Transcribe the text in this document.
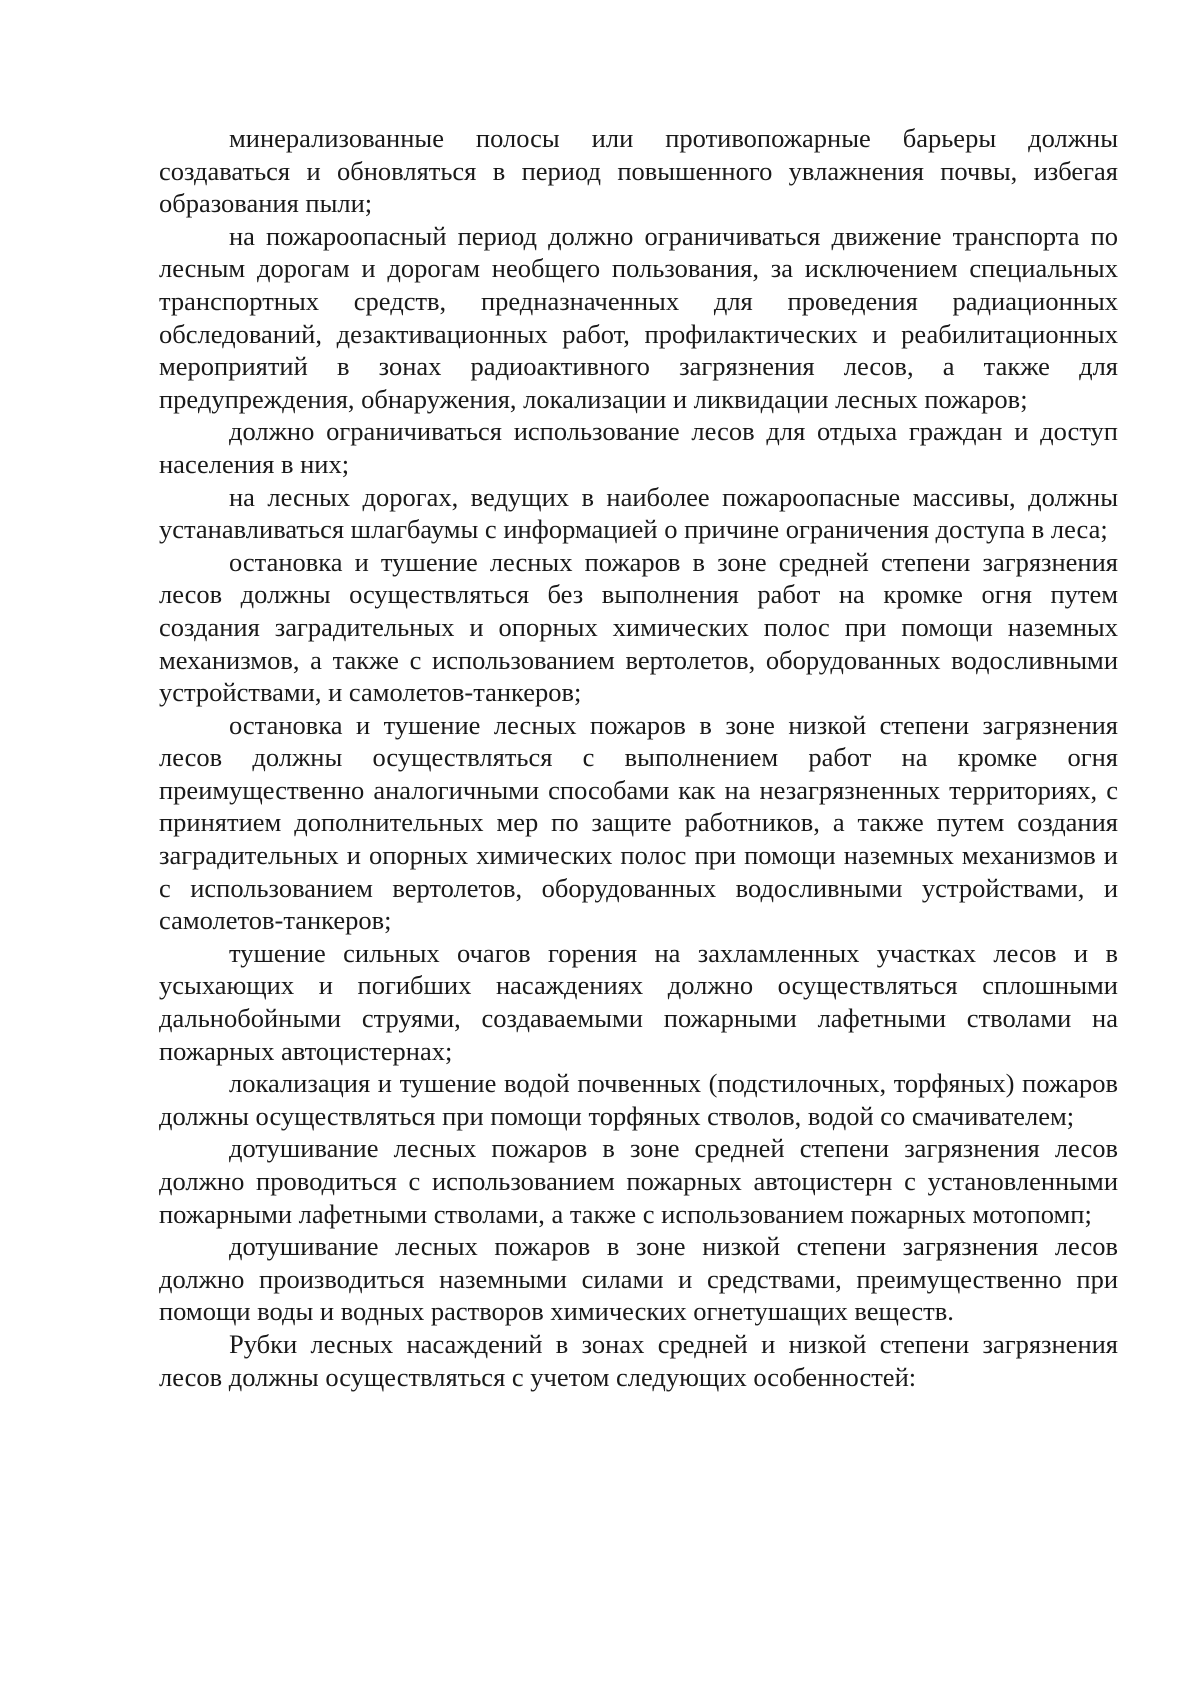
минерализованные полосы или противопожарные барьеры должны создаваться и обновляться в период повышенного увлажнения почвы, избегая образования пыли;

на пожароопасный период должно ограничиваться движение транспорта по лесным дорогам и дорогам необщего пользования, за исключением специальных транспортных средств, предназначенных для проведения радиационных обследований, дезактивационных работ, профилактических и реабилитационных мероприятий в зонах радиоактивного загрязнения лесов, а также для предупреждения, обнаружения, локализации и ликвидации лесных пожаров;

должно ограничиваться использование лесов для отдыха граждан и доступ населения в них;

на лесных дорогах, ведущих в наиболее пожароопасные массивы, должны устанавливаться шлагбаумы с информацией о причине ограничения доступа в леса;

остановка и тушение лесных пожаров в зоне средней степени загрязнения лесов должны осуществляться без выполнения работ на кромке огня путем создания заградительных и опорных химических полос при помощи наземных механизмов, а также с использованием вертолетов, оборудованных водосливными устройствами, и самолетов-танкеров;

остановка и тушение лесных пожаров в зоне низкой степени загрязнения лесов должны осуществляться с выполнением работ на кромке огня преимущественно аналогичными способами как на незагрязненных территориях, с принятием дополнительных мер по защите работников, а также путем создания заградительных и опорных химических полос при помощи наземных механизмов и с использованием вертолетов, оборудованных водосливными устройствами, и самолетов-танкеров;

тушение сильных очагов горения на захламленных участках лесов и в усыхающих и погибших насаждениях должно осуществляться сплошными дальнобойными струями, создаваемыми пожарными лафетными стволами на пожарных автоцистернах;

локализация и тушение водой почвенных (подстилочных, торфяных) пожаров должны осуществляться при помощи торфяных стволов, водой со смачивателем;

дотушивание лесных пожаров в зоне средней степени загрязнения лесов должно проводиться с использованием пожарных автоцистерн с установленными пожарными лафетными стволами, а также с использованием пожарных мотопомп;

дотушивание лесных пожаров в зоне низкой степени загрязнения лесов должно производиться наземными силами и средствами, преимущественно при помощи воды и водных растворов химических огнетушащих веществ.

Рубки лесных насаждений в зонах средней и низкой степени загрязнения лесов должны осуществляться с учетом следующих особенностей:
